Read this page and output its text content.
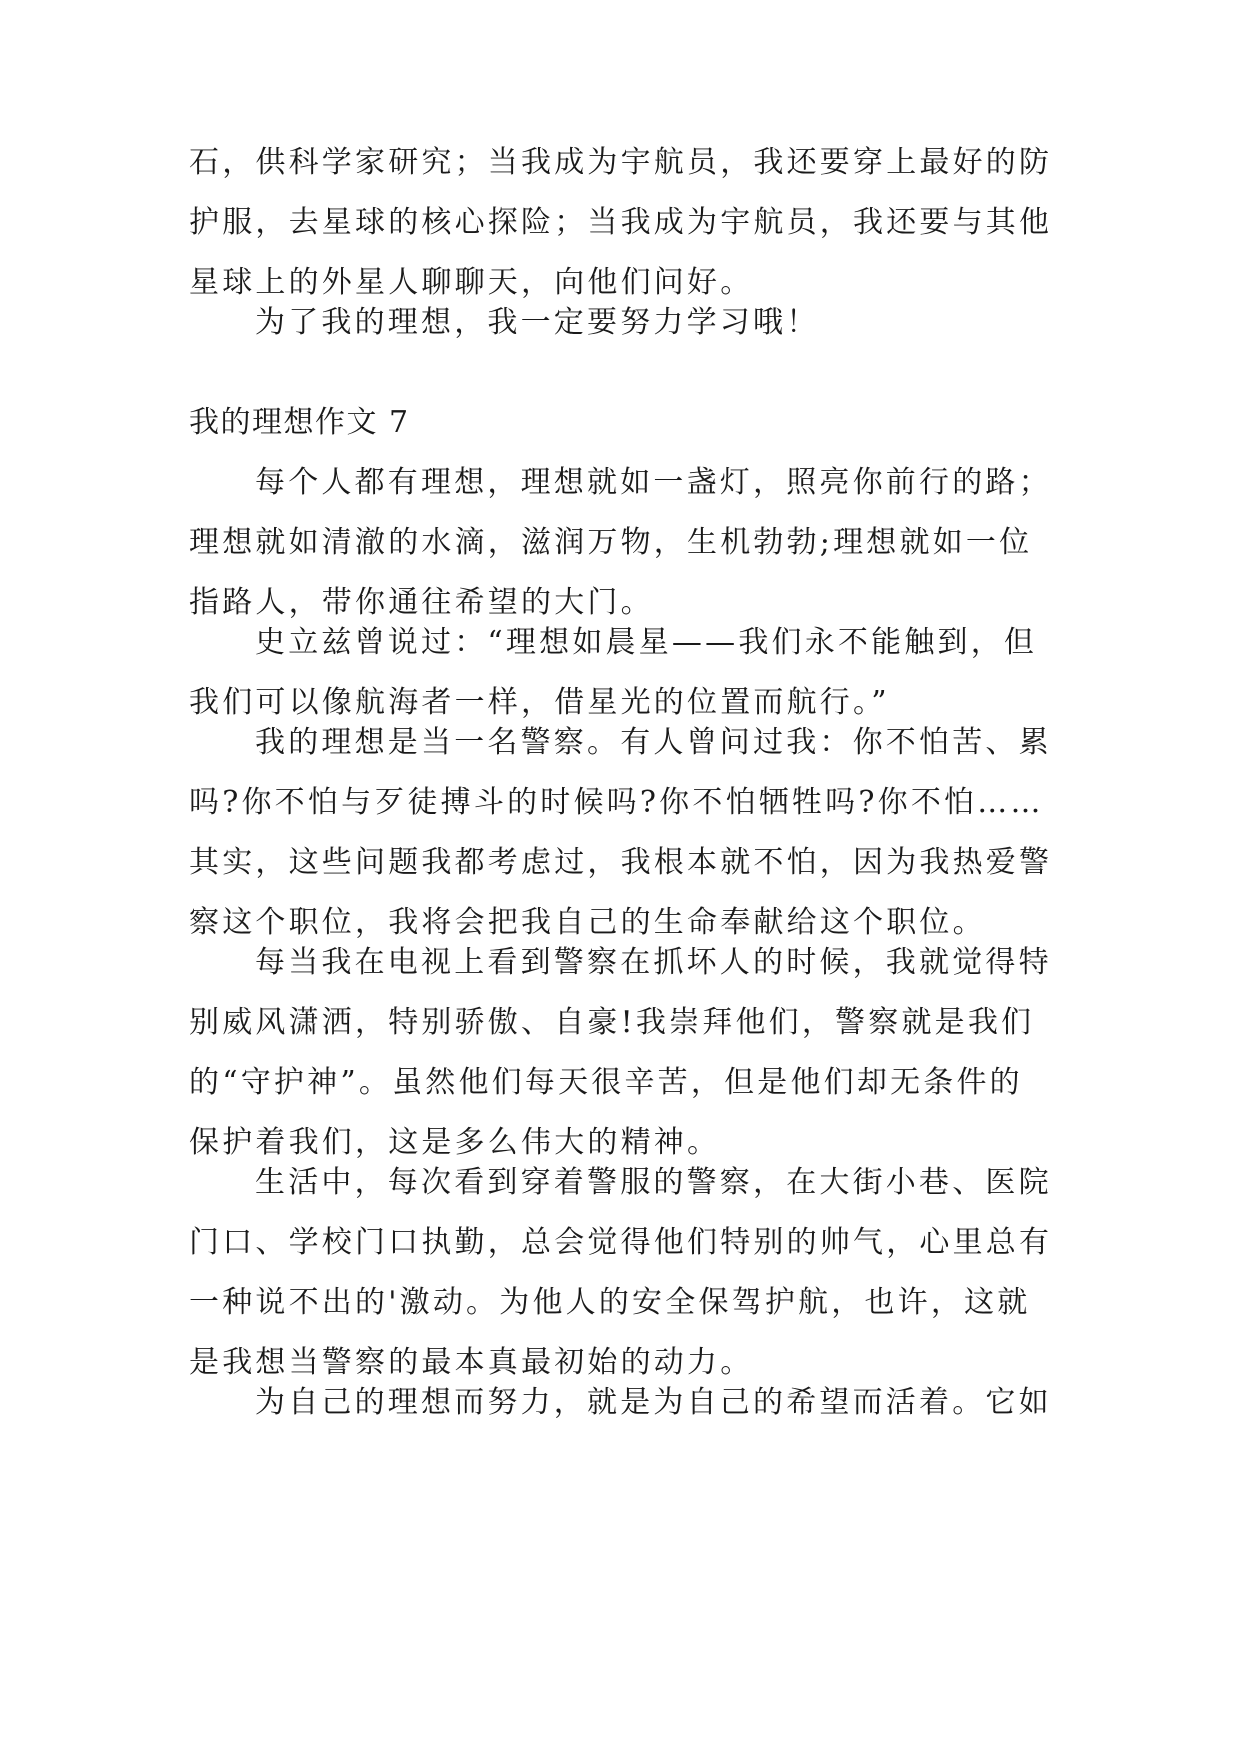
石，供科学家研究；当我成为宇航员，我还要穿上最好的防
护服，去星球的核心探险；当我成为宇航员，我还要与其他
星球上的外星人聊聊天，向他们问好。
为了我的理想，我一定要努力学习哦！
我的理想作文 7
每个人都有理想，理想就如一盏灯，照亮你前行的路；
理想就如清澈的水滴，滋润万物，生机勃勃;理想就如一位
指路人，带你通往希望的大门。
史立兹曾说过：“理想如晨星——我们永不能触到，但
我们可以像航海者一样，借星光的位置而航行。”
我的理想是当一名警察。有人曾问过我：你不怕苦、累
吗?你不怕与歹徒搏斗的时候吗?你不怕牺牲吗?你不怕……
其实，这些问题我都考虑过，我根本就不怕，因为我热爱警
察这个职位，我将会把我自己的生命奉献给这个职位。
每当我在电视上看到警察在抓坏人的时候，我就觉得特
别威风潇洒，特别骄傲、自豪!我崇拜他们，警察就是我们
的“守护神”。虽然他们每天很辛苦，但是他们却无条件的
保护着我们，这是多么伟大的精神。
生活中，每次看到穿着警服的警察，在大街小巷、医院
门口、学校门口执勤，总会觉得他们特别的帅气，心里总有
一种说不出的'激动。为他人的安全保驾护航，也许，这就
是我想当警察的最本真最初始的动力。
为自己的理想而努力，就是为自己的希望而活着。它如
